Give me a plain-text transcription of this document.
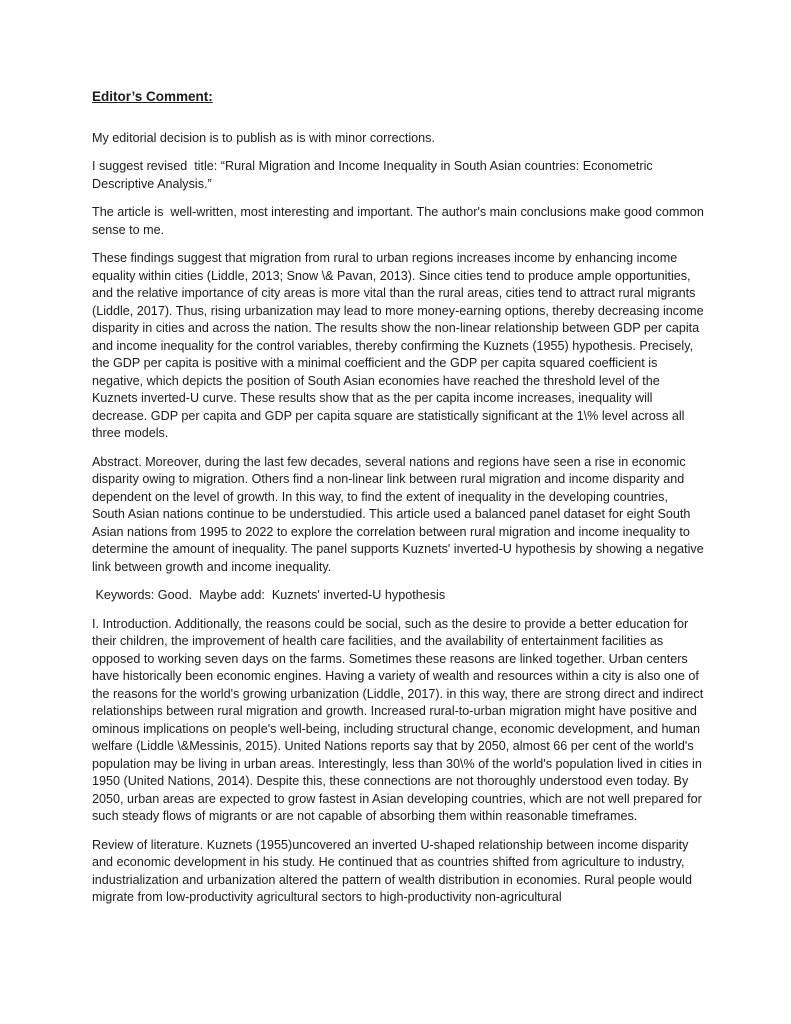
Editor’s Comment:

My editorial decision is to publish as is with minor corrections.

I suggest revised  title: “Rural Migration and Income Inequality in South Asian countries: Econometric Descriptive Analysis.”

The article is  well-written, most interesting and important. The author's main conclusions make good common sense to me.

These findings suggest that migration from rural to urban regions increases income by enhancing income equality within cities (Liddle, 2013; Snow \& Pavan, 2013). Since cities tend to produce ample opportunities, and the relative importance of city areas is more vital than the rural areas, cities tend to attract rural migrants (Liddle, 2017). Thus, rising urbanization may lead to more money-earning options, thereby decreasing income disparity in cities and across the nation. The results show the non-linear relationship between GDP per capita and income inequality for the control variables, thereby confirming the Kuznets (1955) hypothesis. Precisely, the GDP per capita is positive with a minimal coefficient and the GDP per capita squared coefficient is negative, which depicts the position of South Asian economies have reached the threshold level of the Kuznets inverted-U curve. These results show that as the per capita income increases, inequality will decrease. GDP per capita and GDP per capita square are statistically significant at the 1\% level across all three models.

Abstract. Moreover, during the last few decades, several nations and regions have seen a rise in economic disparity owing to migration. Others find a non-linear link between rural migration and income disparity and dependent on the level of growth. In this way, to find the extent of inequality in the developing countries, South Asian nations continue to be understudied. This article used a balanced panel dataset for eight South Asian nations from 1995 to 2022 to explore the correlation between rural migration and income inequality to determine the amount of inequality. The panel supports Kuznets' inverted-U hypothesis by showing a negative link between growth and income inequality.

Keywords: Good.  Maybe add:  Kuznets' inverted-U hypothesis

I. Introduction. Additionally, the reasons could be social, such as the desire to provide a better education for their children, the improvement of health care facilities, and the availability of entertainment facilities as opposed to working seven days on the farms. Sometimes these reasons are linked together. Urban centers have historically been economic engines. Having a variety of wealth and resources within a city is also one of the reasons for the world's growing urbanization (Liddle, 2017). in this way, there are strong direct and indirect relationships between rural migration and growth. Increased rural-to-urban migration might have positive and ominous implications on people's well-being, including structural change, economic development, and human welfare (Liddle \&Messinis, 2015). United Nations reports say that by 2050, almost 66 per cent of the world's population may be living in urban areas. Interestingly, less than 30\% of the world's population lived in cities in 1950 (United Nations, 2014). Despite this, these connections are not thoroughly understood even today. By 2050, urban areas are expected to grow fastest in Asian developing countries, which are not well prepared for such steady flows of migrants or are not capable of absorbing them within reasonable timeframes.

Review of literature. Kuznets (1955)uncovered an inverted U-shaped relationship between income disparity and economic development in his study. He continued that as countries shifted from agriculture to industry, industrialization and urbanization altered the pattern of wealth distribution in economies. Rural people would migrate from low-productivity agricultural sectors to high-productivity non-agricultural
